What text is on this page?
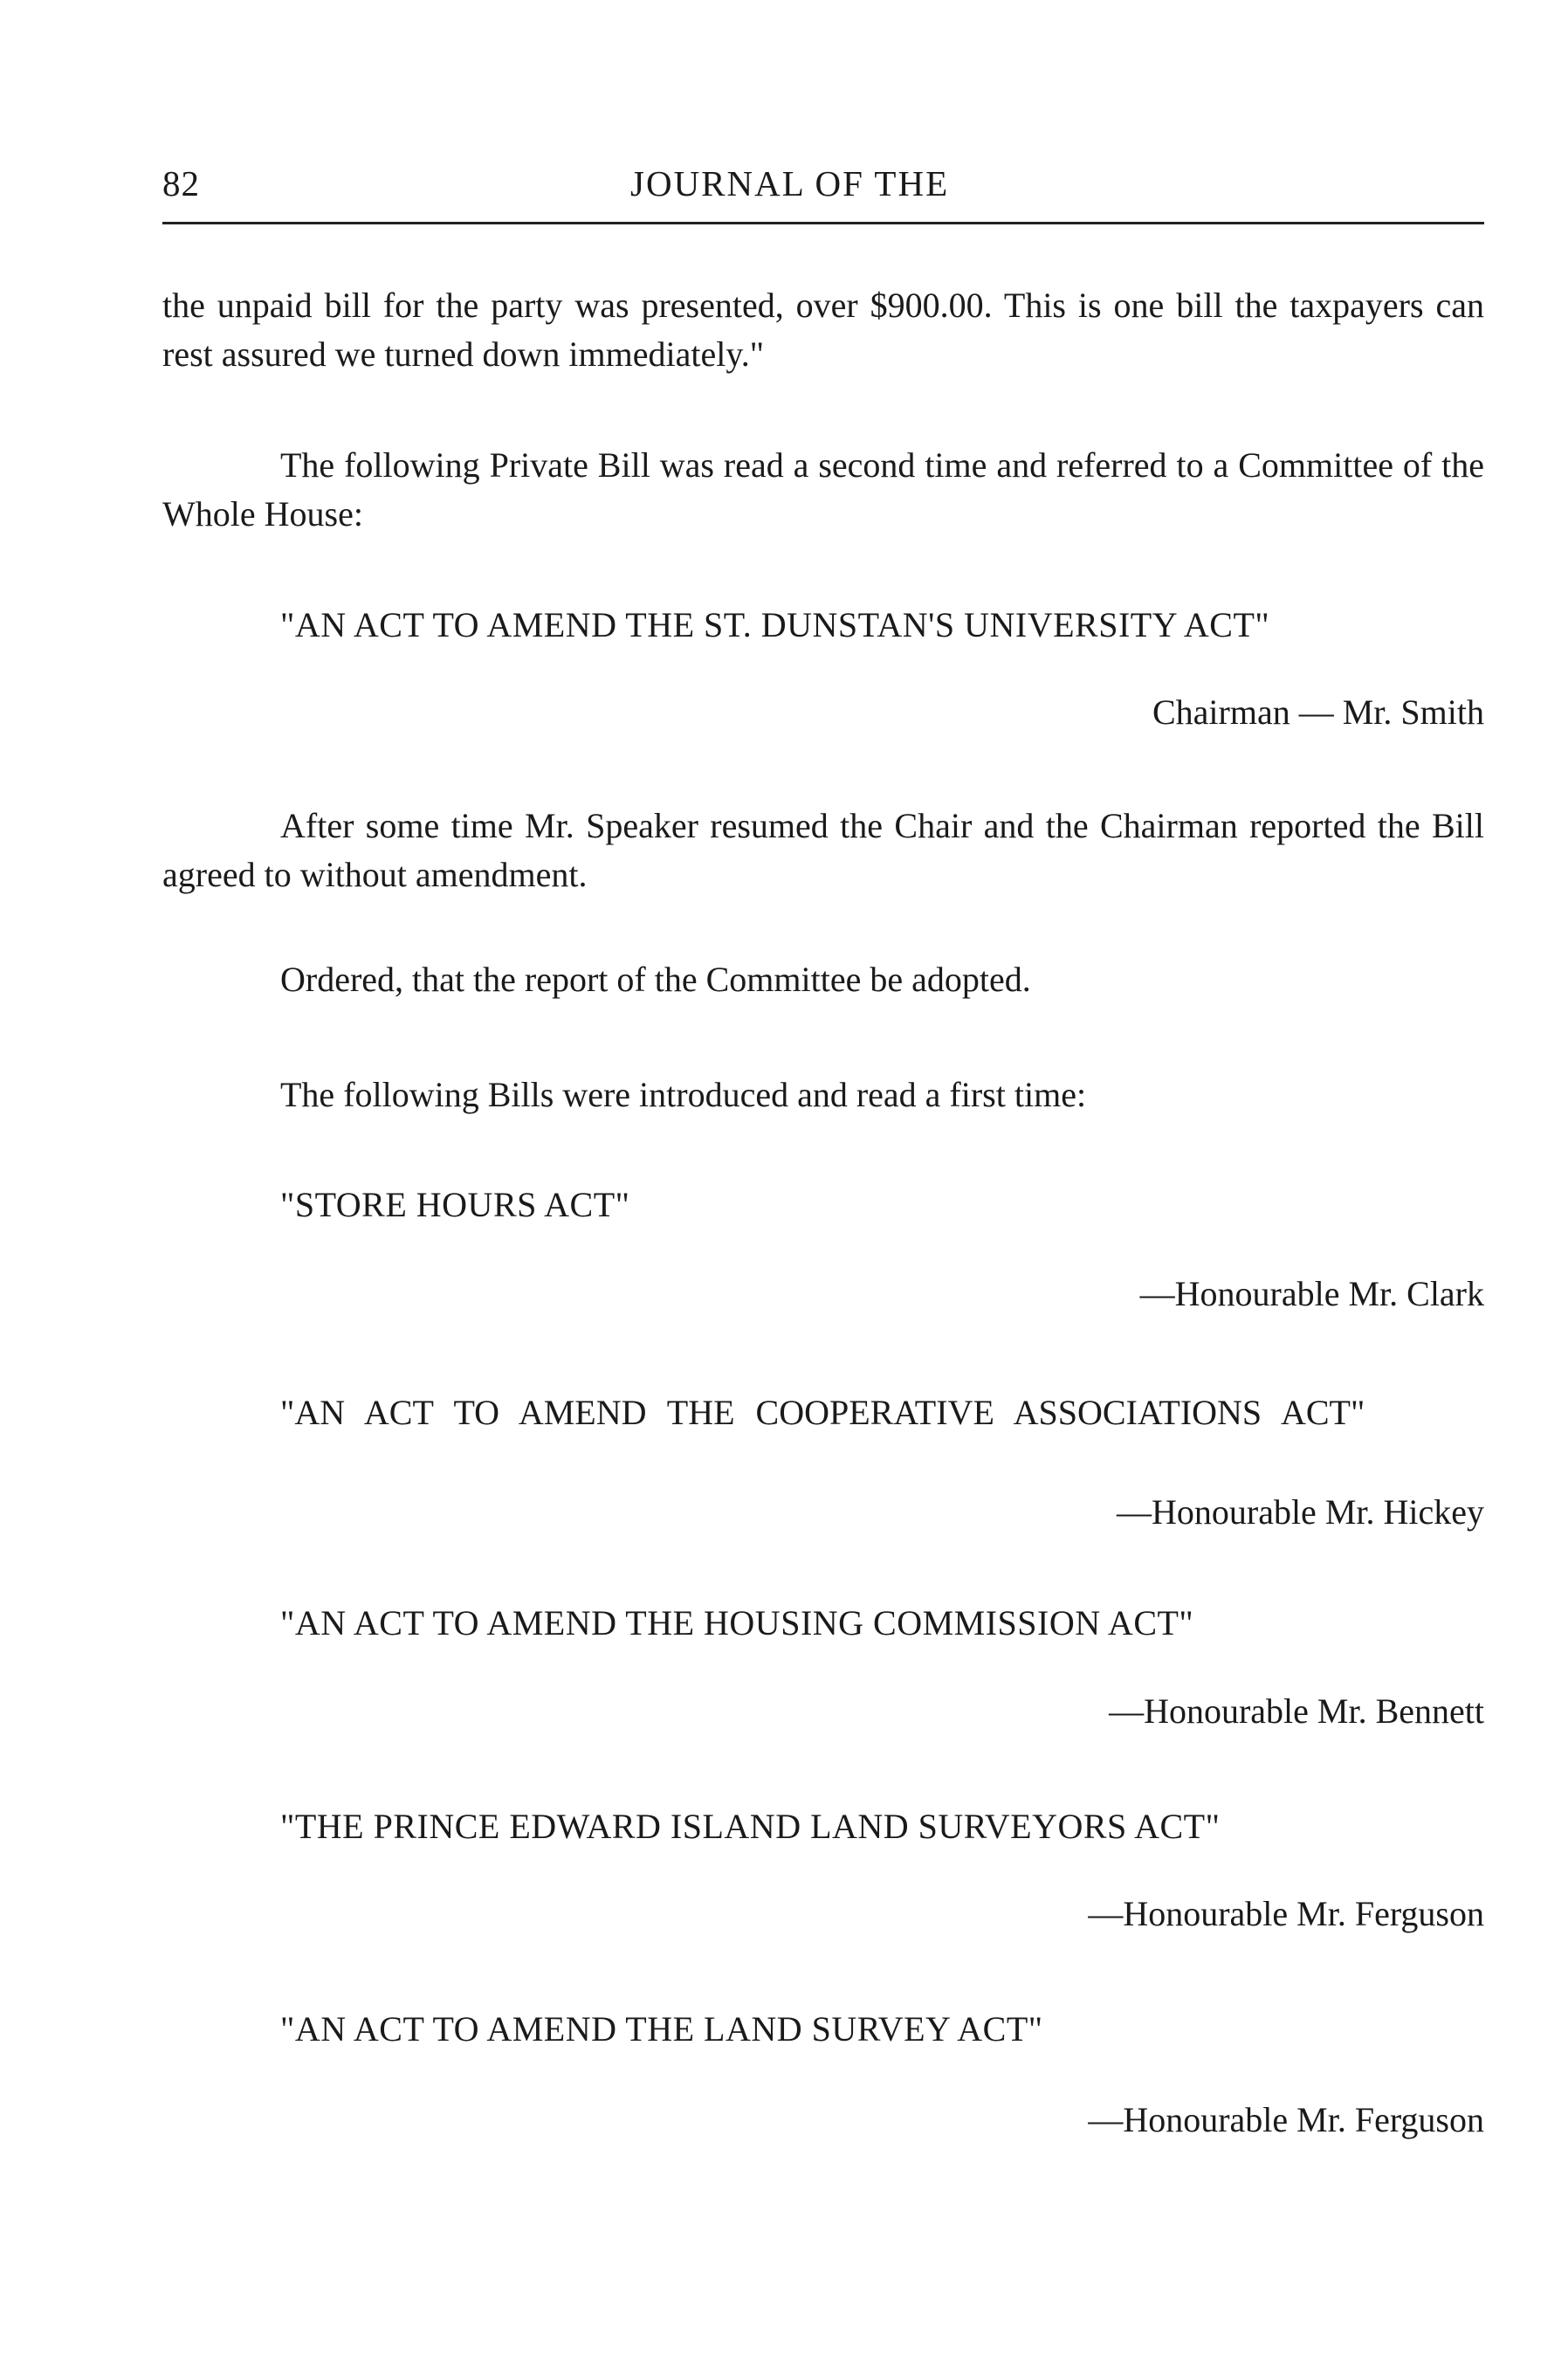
82	JOURNAL OF THE
the unpaid bill for the party was presented, over $900.00. This is one bill the taxpayers can rest assured we turned down immediately."
The following Private Bill was read a second time and referred to a Committee of the Whole House:
"AN ACT TO AMEND THE ST. DUNSTAN'S UNIVERSITY ACT"
Chairman — Mr. Smith
After some time Mr. Speaker resumed the Chair and the Chairman reported the Bill agreed to without amendment.
Ordered, that the report of the Committee be adopted.
The following Bills were introduced and read a first time:
"STORE HOURS ACT"
—Honourable Mr. Clark
"AN ACT TO AMEND THE COOPERATIVE ASSOCIATIONS ACT"
—Honourable Mr. Hickey
"AN ACT TO AMEND THE HOUSING COMMISSION ACT"
—Honourable Mr. Bennett
"THE PRINCE EDWARD ISLAND LAND SURVEYORS ACT"
—Honourable Mr. Ferguson
"AN ACT TO AMEND THE LAND SURVEY ACT"
—Honourable Mr. Ferguson
